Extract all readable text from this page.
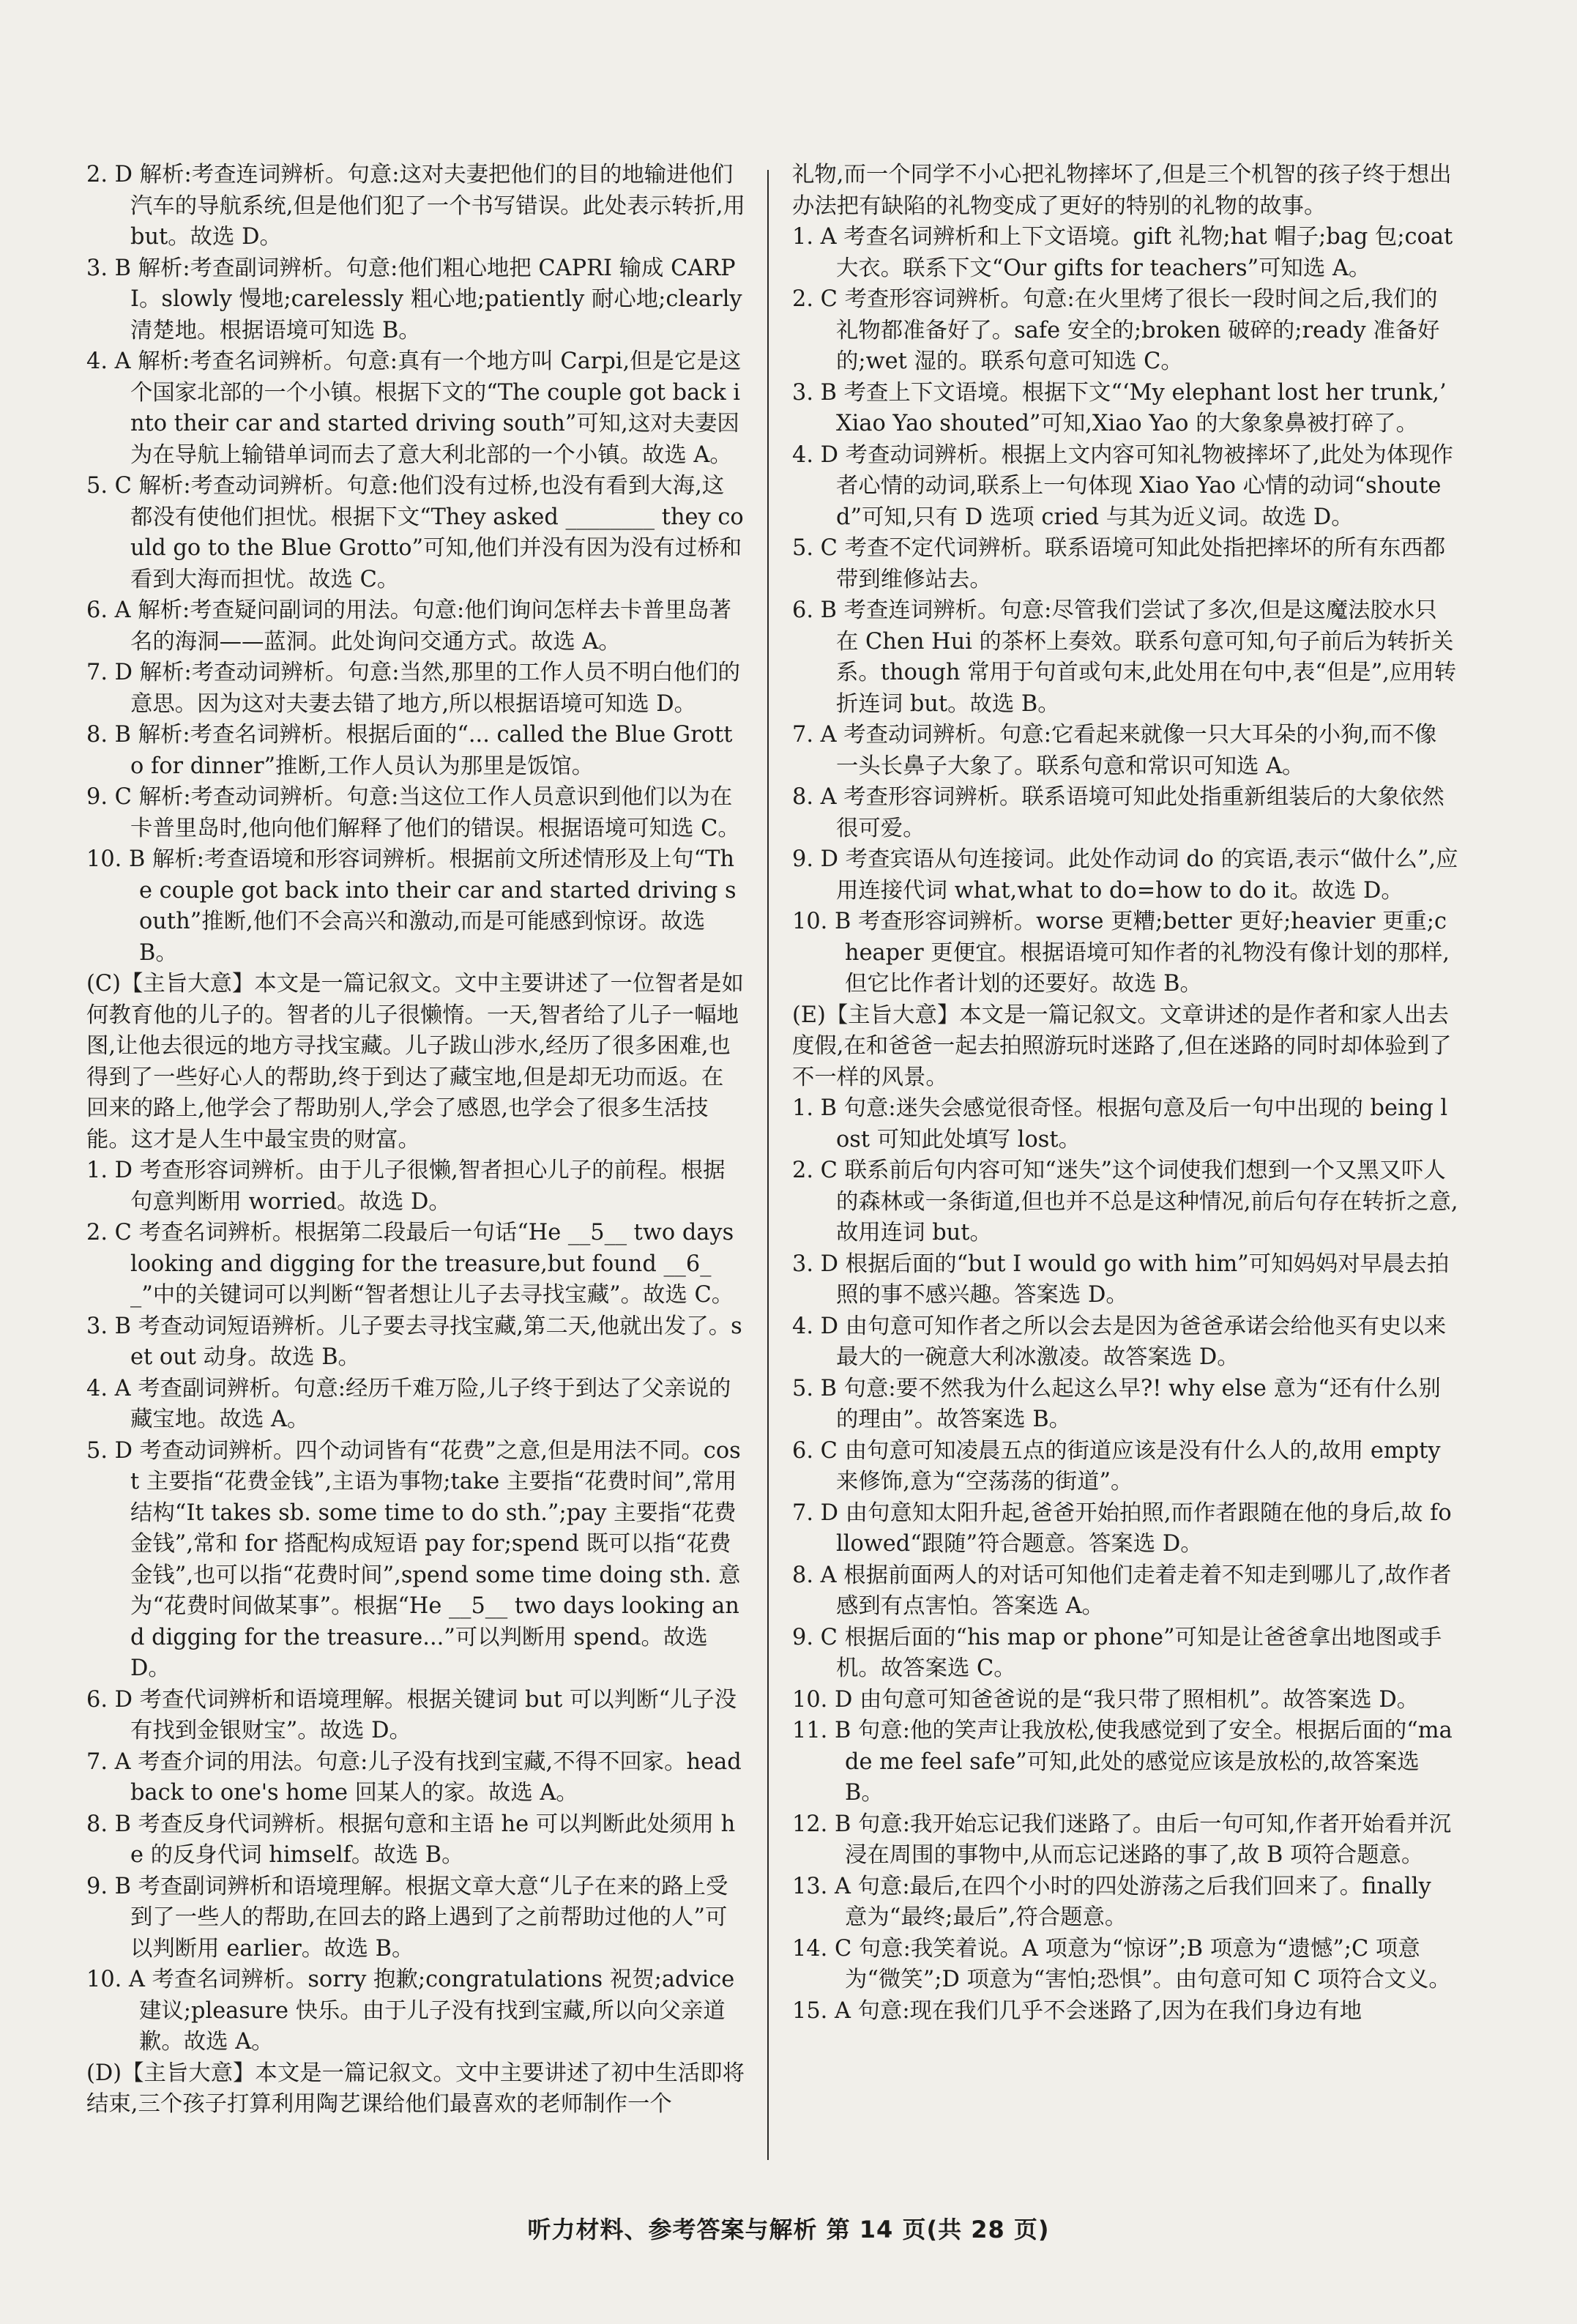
2. D 解析:考查连词辨析。句意:这对夫妻把他们的目的地输进他们汽车的导航系统,但是他们犯了一个书写错误。此处表示转折,用 but。故选 D。
3. B 解析:考查副词辨析。句意:他们粗心地把 CAPRI 输成 CARPI。slowly 慢地;carelessly 粗心地;patiently 耐心地;clearly 清楚地。根据语境可知选 B。
4. A 解析:考查名词辨析。句意:真有一个地方叫 Carpi,但是它是这个国家北部的一个小镇。根据下文的“The couple got back into their car and started driving south”可知,这对夫妻因为在导航上输错单词而去了意大利北部的一个小镇。故选 A。
5. C 解析:考查动词辨析。句意:他们没有过桥,也没有看到大海,这都没有使他们担忧。根据下文“They asked ________ they could go to the Blue Grotto”可知,他们并没有因为没有过桥和看到大海而担忧。故选 C。
6. A 解析:考查疑问副词的用法。句意:他们询问怎样去卡普里岛著名的海洞——蓝洞。此处询问交通方式。故选 A。
7. D 解析:考查动词辨析。句意:当然,那里的工作人员不明白他们的意思。因为这对夫妻去错了地方,所以根据语境可知选 D。
8. B 解析:考查名词辨析。根据后面的“... called the Blue Grotto for dinner”推断,工作人员认为那里是饭馆。
9. C 解析:考查动词辨析。句意:当这位工作人员意识到他们以为在卡普里岛时,他向他们解释了他们的错误。根据语境可知选 C。
10. B 解析:考查语境和形容词辨析。根据前文所述情形及上句“The couple got back into their car and started driving south”推断,他们不会高兴和激动,而是可能感到惊讶。故选 B。
(C)【主旨大意】本文是一篇记叙文。文中主要讲述了一位智者是如何教育他的儿子的。智者的儿子很懒惰。一天,智者给了儿子一幅地图,让他去很远的地方寻找宝藏。儿子跋山涉水,经历了很多困难,也得到了一些好心人的帮助,终于到达了藏宝地,但是却无功而返。在回来的路上,他学会了帮助别人,学会了感恩,也学会了很多生活技能。这才是人生中最宝贵的财富。
1. D 考查形容词辨析。由于儿子很懒,智者担心儿子的前程。根据句意判断用 worried。故选 D。
2. C 考查名词辨析。根据第二段最后一句话“He __5__ two days looking and digging for the treasure,but found __6__”中的关键词可以判断“智者想让儿子去寻找宝藏”。故选 C。
3. B 考查动词短语辨析。儿子要去寻找宝藏,第二天,他就出发了。set out 动身。故选 B。
4. A 考查副词辨析。句意:经历千难万险,儿子终于到达了父亲说的藏宝地。故选 A。
5. D 考查动词辨析。四个动词皆有“花费”之意,但是用法不同。cost 主要指“花费金钱”,主语为事物;take 主要指“花费时间”,常用结构“It takes sb. some time to do sth.”;pay 主要指“花费金钱”,常和 for 搭配构成短语 pay for;spend 既可以指“花费金钱”,也可以指“花费时间”,spend some time doing sth. 意为“花费时间做某事”。根据“He __5__ two days looking and digging for the treasure...”可以判断用 spend。故选 D。
6. D 考查代词辨析和语境理解。根据关键词 but 可以判断“儿子没有找到金银财宝”。故选 D。
7. A 考查介词的用法。句意:儿子没有找到宝藏,不得不回家。head back to one's home 回某人的家。故选 A。
8. B 考查反身代词辨析。根据句意和主语 he 可以判断此处须用 he 的反身代词 himself。故选 B。
9. B 考查副词辨析和语境理解。根据文章大意“儿子在来的路上受到了一些人的帮助,在回去的路上遇到了之前帮助过他的人”可以判断用 earlier。故选 B。
10. A 考查名词辨析。sorry 抱歉;congratulations 祝贺;advice 建议;pleasure 快乐。由于儿子没有找到宝藏,所以向父亲道歉。故选 A。
(D)【主旨大意】本文是一篇记叙文。文中主要讲述了初中生活即将结束,三个孩子打算利用陶艺课给他们最喜欢的老师制作一个
礼物,而一个同学不小心把礼物摔坏了,但是三个机智的孩子终于想出办法把有缺陷的礼物变成了更好的特别的礼物的故事。
1. A 考查名词辨析和上下文语境。gift 礼物;hat 帽子;bag 包;coat 大衣。联系下文“Our gifts for teachers”可知选 A。
2. C 考查形容词辨析。句意:在火里烤了很长一段时间之后,我们的礼物都准备好了。safe 安全的;broken 破碎的;ready 准备好的;wet 湿的。联系句意可知选 C。
3. B 考查上下文语境。根据下文“‘My elephant lost her trunk,’ Xiao Yao shouted”可知,Xiao Yao 的大象象鼻被打碎了。
4. D 考查动词辨析。根据上文内容可知礼物被摔坏了,此处为体现作者心情的动词,联系上一句体现 Xiao Yao 心情的动词“shouted”可知,只有 D 选项 cried 与其为近义词。故选 D。
5. C 考查不定代词辨析。联系语境可知此处指把摔坏的所有东西都带到维修站去。
6. B 考查连词辨析。句意:尽管我们尝试了多次,但是这魔法胶水只在 Chen Hui 的茶杯上奏效。联系句意可知,句子前后为转折关系。though 常用于句首或句末,此处用在句中,表“但是”,应用转折连词 but。故选 B。
7. A 考查动词辨析。句意:它看起来就像一只大耳朵的小狗,而不像一头长鼻子大象了。联系句意和常识可知选 A。
8. A 考查形容词辨析。联系语境可知此处指重新组装后的大象依然很可爱。
9. D 考查宾语从句连接词。此处作动词 do 的宾语,表示“做什么”,应用连接代词 what,what to do=how to do it。故选 D。
10. B 考查形容词辨析。worse 更糟;better 更好;heavier 更重;cheaper 更便宜。根据语境可知作者的礼物没有像计划的那样,但它比作者计划的还要好。故选 B。
(E)【主旨大意】本文是一篇记叙文。文章讲述的是作者和家人出去度假,在和爸爸一起去拍照游玩时迷路了,但在迷路的同时却体验到了不一样的风景。
1. B 句意:迷失会感觉很奇怪。根据句意及后一句中出现的 being lost 可知此处填写 lost。
2. C 联系前后句内容可知“迷失”这个词使我们想到一个又黑又吓人的森林或一条街道,但也并不总是这种情况,前后句存在转折之意,故用连词 but。
3. D 根据后面的“but I would go with him”可知妈妈对早晨去拍照的事不感兴趣。答案选 D。
4. D 由句意可知作者之所以会去是因为爸爸承诺会给他买有史以来最大的一碗意大利冰激凌。故答案选 D。
5. B 句意:要不然我为什么起这么早?! why else 意为“还有什么别的理由”。故答案选 B。
6. C 由句意可知凌晨五点的街道应该是没有什么人的,故用 empty 来修饰,意为“空荡荡的街道”。
7. D 由句意知太阳升起,爸爸开始拍照,而作者跟随在他的身后,故 followed“跟随”符合题意。答案选 D。
8. A 根据前面两人的对话可知他们走着走着不知走到哪儿了,故作者感到有点害怕。答案选 A。
9. C 根据后面的“his map or phone”可知是让爸爸拿出地图或手机。故答案选 C。
10. D 由句意可知爸爸说的是“我只带了照相机”。故答案选 D。
11. B 句意:他的笑声让我放松,使我感觉到了安全。根据后面的“made me feel safe”可知,此处的感觉应该是放松的,故答案选 B。
12. B 句意:我开始忘记我们迷路了。由后一句可知,作者开始看并沉浸在周围的事物中,从而忘记迷路的事了,故 B 项符合题意。
13. A 句意:最后,在四个小时的四处游荡之后我们回来了。finally 意为“最终;最后”,符合题意。
14. C 句意:我笑着说。A 项意为“惊讶”;B 项意为“遗憾”;C 项意为“微笑”;D 项意为“害怕;恐惧”。由句意可知 C 项符合文义。
15. A 句意:现在我们几乎不会迷路了,因为在我们身边有地
听力材料、参考答案与解析 第 14 页(共 28 页)
